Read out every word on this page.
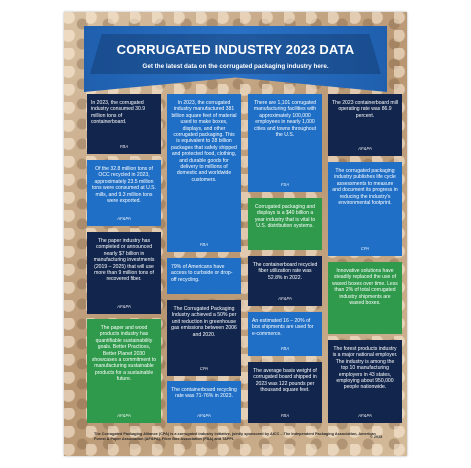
CORRUGATED INDUSTRY 2023 DATA
Get the latest data on the corrugated packaging industry here.
In 2023, the corrugated industry consumed 30.9 million tons of containerboard.
FBA
Of the 32.8 million tons of OCC recycled in 2023, approximately 23.5 million tons were consumed at U.S. mills, and 9.3 million tons were exported.
AF&PA
The paper industry has completed or announced nearly $7 billion in manufacturing investments (2019 – 2025) that will use more than 9 million tons of recovered fiber.
AF&PA
The paper and wood products industry has quantifiable sustainability goals. Better Practices, Better Planet 2030 showcases a commitment to manufacturing sustainable products for a sustainable future.
AF&PA
In 2023, the corrugated industry manufactured 381 billion square feet of material used to make boxes, displays, and other corrugated packaging. This is equivalent to 28 billion packages that safely shipped and protected food, clothing, and durable goods for delivery to millions of domestic and worldwide customers.
FBA
79% of Americans have access to curbside or drop-off recycling.
The Corrugated Packaging Industry achieved a 50% per unit reduction in greenhouse gas emissions between 2006 and 2020.
CPA
The containerboard recycling rate was 71-76% in 2023.
AF&PA
There are 1,101 corrugated manufacturing facilities with approximately 100,000 employees in nearly 1,000 cities and towns throughout the U.S.
FSA
Corrugated packaging and displays is a $40 billion a year industry that is vital to U.S. distribution systems.
The containerboard recycled fiber utilization rate was 52.8% in 2022.
AF&PA
An estimated 16 – 20% of box shipments are used for e-commerce.
FBA
The average basis weight of corrugated board shipped in 2023 was 122 pounds per thousand square feet.
FBA
The 2023 containerboard mill operating rate was 86.9 percent.
AF&PA
The corrugated packaging industry publishes life cycle assessments to measure and document its progress in reducing the industry's environmental footprint.
CPA
Innovative solutions have steadily replaced the use of waxed boxes over time. Less than 2% of total corrugated industry shipments are waxed boxes.
The forest products industry is a major national employer. The industry is among the top 10 manufacturing employers in 43 states, employing about 950,000 people nationwide.
AF&PA
The Corrugated Packaging Alliance (CPA) is a corrugated industry initiative, jointly sponsored by AICC – The Independent Packaging Association, American Forest & Paper Association (AF&PA), Fibre Box Association (FBA) and TAPPI.	© 2025
